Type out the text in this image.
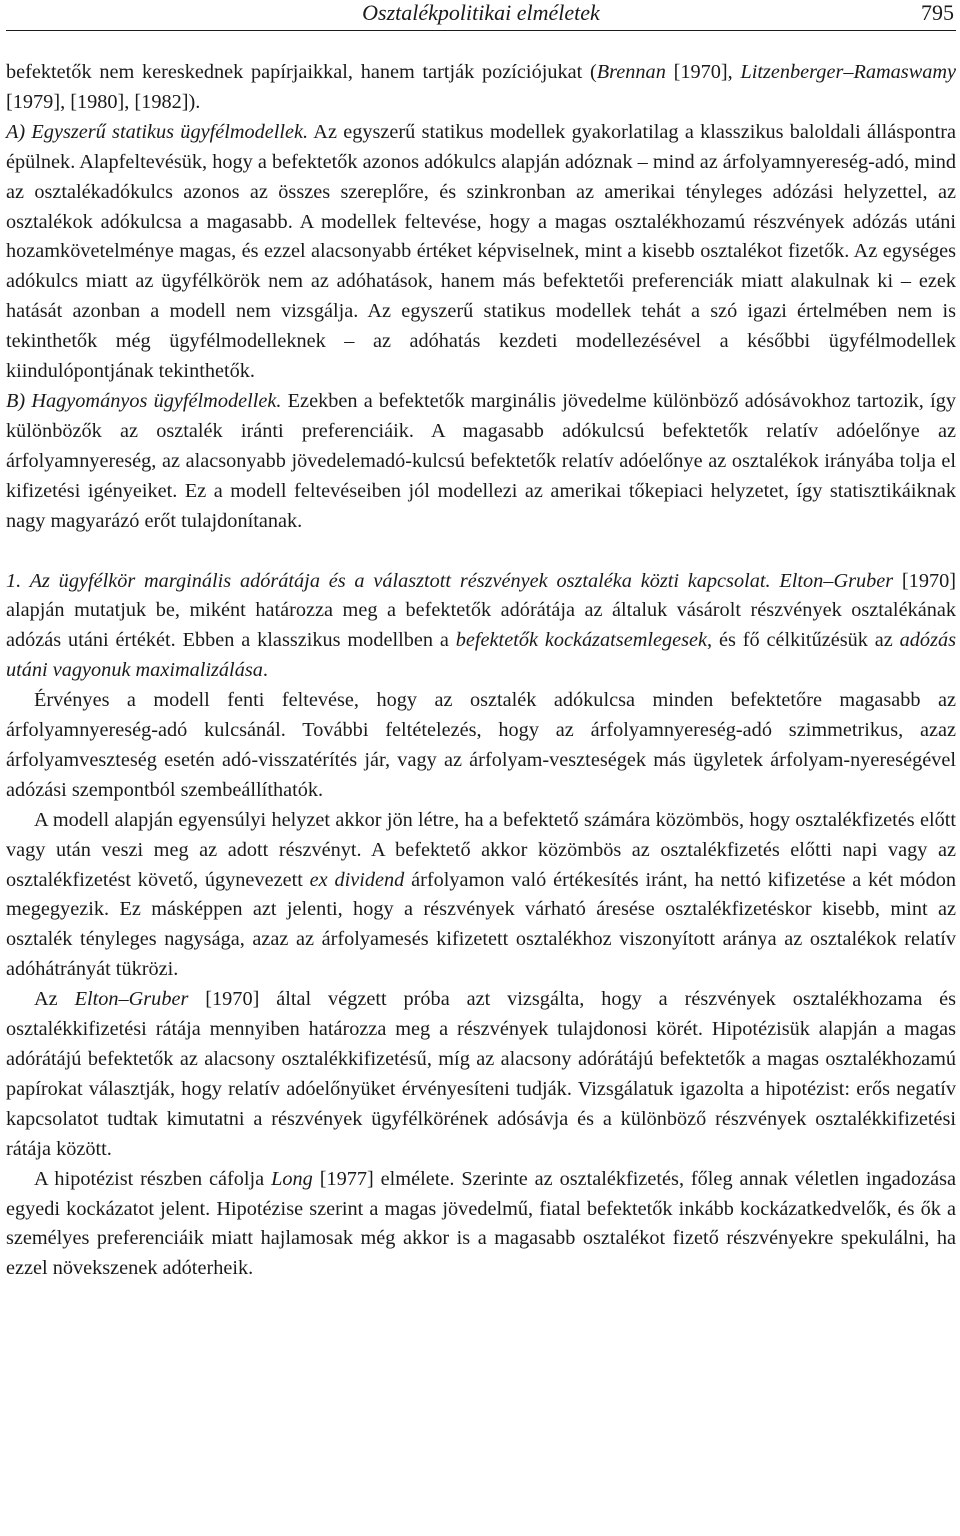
Osztalékpolitikai elméletek	795

befektetők nem kereskednek papírjaikkal, hanem tartják pozíciójukat (Brennan [1970], Litzenberger–Ramaswamy [1979], [1980], [1982]).

A) Egyszerű statikus ügyfélmodellek. Az egyszerű statikus modellek gyakorlatilag a klasszikus baloldali álláspontra épülnek. Alapfeltevésük, hogy a befektetők azonos adókulcs alapján adóznak – mind az árfolyamnyereség-adó, mind az osztalékadókulcs azonos az összes szereplőre, és szinkronban az amerikai tényleges adózási helyzettel, az osztalékok adókulcsa a magasabb. A modellek feltevése, hogy a magas osztalékhozamú részvények adózás utáni hozamkövetelménye magas, és ezzel alacsonyabb értéket képviselnek, mint a kisebb osztalékot fizetők. Az egységes adókulcs miatt az ügyfélkörök nem az adóhatások, hanem más befektetői preferenciák miatt alakulnak ki – ezek hatását azonban a modell nem vizsgálja. Az egyszerű statikus modellek tehát a szó igazi értelmében nem is tekinthetők még ügyfélmodelleknek – az adóhatás kezdeti modellezésével a későbbi ügyfélmodellek kiindulópontjának tekinthetők.

B) Hagyományos ügyfélmodellek. Ezekben a befektetők marginális jövedelme különböző adósávokhoz tartozik, így különbözők az osztalék iránti preferenciáik. A magasabb adókulcsú befektetők relatív adóelőnye az árfolyamnyereség, az alacsonyabb jövedelemadó-kulcsú befektetők relatív adóelőnye az osztalékok irányába tolja el kifizetési igényeiket. Ez a modell feltevéseiben jól modellezi az amerikai tőkepiaci helyzetet, így statisztikáiknak nagy magyarázó erőt tulajdonítanak.

1. Az ügyfélkör marginális adórátája és a választott részvények osztaléka közti kapcsolat. Elton–Gruber [1970] alapján mutatjuk be, miként határozza meg a befektetők adórátája az általuk vásárolt részvények osztalékának adózás utáni értékét. Ebben a klasszikus modellben a befektetők kockázatsemlegesek, és fő célkitűzésük az adózás utáni vagyonuk maximalizálása.

Érvényes a modell fenti feltevése, hogy az osztalék adókulcsa minden befektetőre magasabb az árfolyamnyereség-adó kulcsánál. További feltételezés, hogy az árfolyamnyereség-adó szimmetrikus, azaz árfolyamveszteség esetén adó-visszatérítés jár, vagy az árfolyam-veszteségek más ügyletek árfolyam-nyereségével adózási szempontból szembeállíthatók.

A modell alapján egyensúlyi helyzet akkor jön létre, ha a befektető számára közömbös, hogy osztalékfizetés előtt vagy után veszi meg az adott részvényt. A befektető akkor közömbös az osztalékfizetés előtti napi vagy az osztalékfizetést követő, úgynevezett ex dividend árfolyamon való értékesítés iránt, ha nettó kifizetése a két módon megegyezik. Ez másképpen azt jelenti, hogy a részvények várható áresése osztalékfizetéskor kisebb, mint az osztalék tényleges nagysága, azaz az árfolyamesés kifizetett osztalékhoz viszonyított aránya az osztalékok relatív adóhátrányát tükrözi.

Az Elton–Gruber [1970] által végzett próba azt vizsgálta, hogy a részvények osztalékhozama és osztalékkifizetési rátája mennyiben határozza meg a részvények tulajdonosi körét. Hipotézisük alapján a magas adórátájú befektetők az alacsony osztalékkifizetésű, míg az alacsony adórátájú befektetők a magas osztalékhozamú papírokat választják, hogy relatív adóelőnyüket érvényesíteni tudják. Vizsgálatuk igazolta a hipotézist: erős negatív kapcsolatot tudtak kimutatni a részvények ügyfélkörének adósávja és a különböző részvények osztalékkifizetési rátája között.

A hipotézist részben cáfolja Long [1977] elmélete. Szerinte az osztalékfizetés, főleg annak véletlen ingadozása egyedi kockázatot jelent. Hipotézise szerint a magas jövedelmű, fiatal befektetők inkább kockázatkedvelők, és ők a személyes preferenciáik miatt hajlamosak még akkor is a magasabb osztalékot fizető részvényekre spekulálni, ha ezzel növekszenek adóterheik.
